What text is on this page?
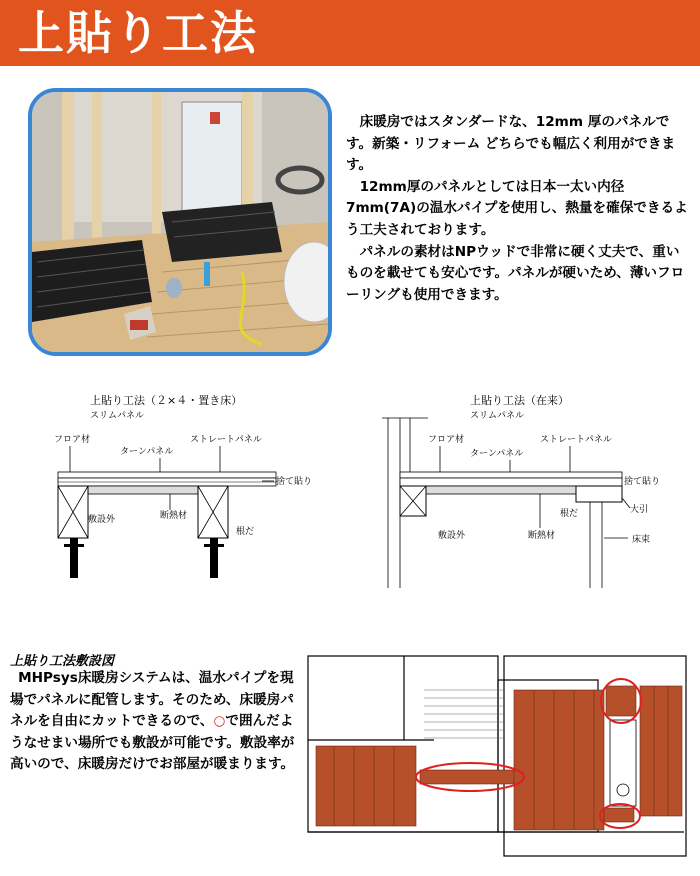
上貼り工法

床暖房ではスタンダードな、12mm 厚のパネルです。新築・リフォーム どちらでも幅広く利用ができます。

12mm厚のパネルとしては日本一太い内径7mm(7A)の温水パイプを使用し、熱量を確保できるよう工夫されております。

パネルの素材はNPウッドで非常に硬く丈夫で、重いものを載せても安心です。パネルが硬いため、薄いフローリングも使用できます。

上貼り工法（２×４・置き床）
スリムパネル
フロア材
ターンパネル
ストレートパネル
捨て貼り
敷設外	断熱材
根だ
上貼り工法（在来）
スリムパネル
フロア材
ターンパネル
ストレートパネル
捨て貼り
大引
根だ
敷設外	断熱材	床束
上貼り工法敷設図

MHPsys床暖房システムは、温水パイプを現場でパネルに配管します。そのため、床暖房パネルを自由にカットできるので、○で囲んだようなせまい場所でも敷設が可能です。敷設率が高いので、床暖房だけでお部屋が暖まります。
